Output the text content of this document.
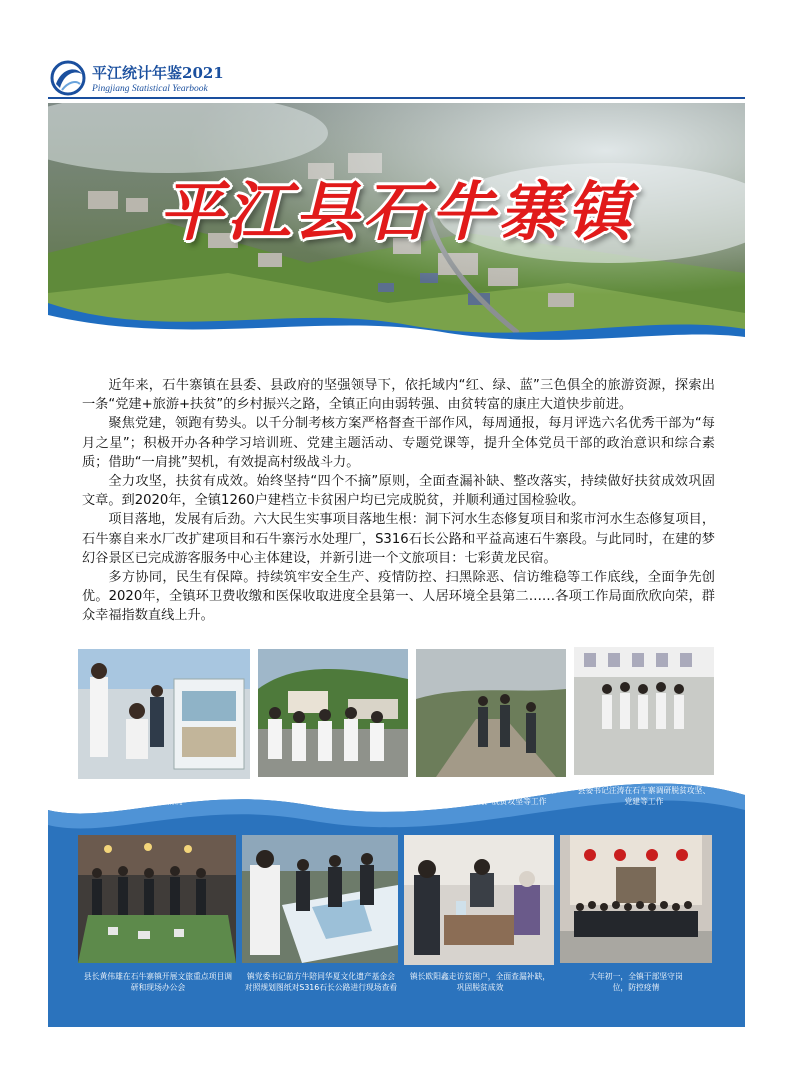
平江统计年鉴2021
Pingjiang Statistical Yearbook
平江县石牛寨镇

近年来，石牛寨镇在县委、县政府的坚强领导下，依托域内“红、绿、蓝”三色俱全的旅游资源，探索出一条“党建+旅游+扶贫”的乡村振兴之路，全镇正向由弱转强、由贫转富的康庄大道快步前进。

聚焦党建，领跑有势头。以千分制考核方案严格督查干部作风，每周通报，每月评选六名优秀干部为“每月之星”；积极开办各种学习培训班、党建主题活动、专题党课等，提升全体党员干部的政治意识和综合素质；借助“一肩挑”契机，有效提高村级战斗力。

全力攻坚，扶贫有成效。始终坚持“四个不摘”原则，全面查漏补缺、整改落实，持续做好扶贫成效巩固文章。到2020年，全镇1260户建档立卡贫困户均已完成脱贫，并顺利通过国检验收。

项目落地，发展有后劲。六大民生实事项目落地生根：洞下河水生态修复项目和浆市河水生态修复项目，石牛寨自来水厂改扩建项目和石牛寨污水处理厂，S316石长公路和平益高速石牛寨段。与此同时，在建的梦幻谷景区已完成游客服务中心主体建设，并新引进一个文旅项目：七彩黄龙民宿。

多方协同，民生有保障。持续筑牢安全生产、疫情防控、扫黑除恶、信访维稳等工作底线，全面争先创优。2020年，全镇环卫费收缴和医保收取进度全县第一、人居环境全县第二……各项工作局面欣欣向荣，群众幸福指数直线上升。

岳阳市委书记王一鸥到石牛寨镇调研水厂项目建设情况
省政法委书记李殿勋在石牛村调研村民自治
市政协主席徐新黎在庄楼村实地调研扶贫产业、公墓山建设、脱贫攻坚等工作
县委书记汪涛在石牛寨调研脱贫攻坚、党建等工作
县长黄伟雄在石牛寨镇开展文旅重点项目调研和现场办公会
镇党委书记前方牛陪同华夏文化遗产基金会对照规划图纸对S316石长公路进行现场查看
镇长欧阳鑫走访贫困户，全面查漏补缺，巩固脱贫成效
大年初一，全镇干部坚守岗位，防控疫情
